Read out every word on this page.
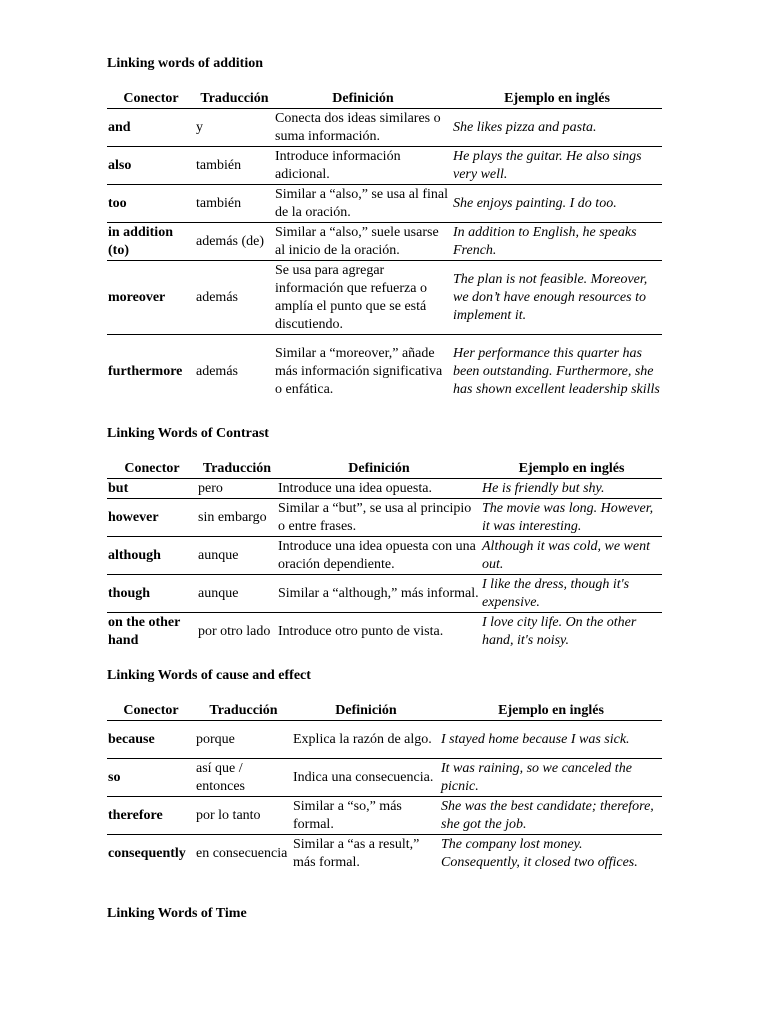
Linking words of addition
Conector	Traducción	Definición	Ejemplo en inglés
and	y	Conecta dos ideas similares o suma información.	She likes pizza and pasta.
also	también	Introduce información adicional.	He plays the guitar. He also sings very well.
too	también	Similar a “also,” se usa al final de la oración.	She enjoys painting. I do too.
in addition (to)	además (de)	Similar a “also,” suele usarse al inicio de la oración.	In addition to English, he speaks French.
moreover	además	Se usa para agregar información que refuerza o amplía el punto que se está discutiendo.	The plan is not feasible. Moreover, we don’t have enough resources to implement it.
furthermore	además	Similar a “moreover,” añade más información significativa o enfática.	Her performance this quarter has been outstanding. Furthermore, she has shown excellent leadership skills
Linking Words of Contrast
Conector	Traducción	Definición	Ejemplo en inglés
but	pero	Introduce una idea opuesta.	He is friendly but shy.
however	sin embargo	Similar a “but”, se usa al principio o entre frases.	The movie was long. However, it was interesting.
although	aunque	Introduce una idea opuesta con una oración dependiente.	Although it was cold, we went out.
though	aunque	Similar a “although,” más informal.	I like the dress, though it's expensive.
on the other hand	por otro lado	Introduce otro punto de vista.	I love city life. On the other hand, it's noisy.
Linking Words of cause and effect
Conector	Traducción	Definición	Ejemplo en inglés
because	porque	Explica la razón de algo.	I stayed home because I was sick.
so	así que / entonces	Indica una consecuencia.	It was raining, so we canceled the picnic.
therefore	por lo tanto	Similar a “so,” más formal.	She was the best candidate; therefore, she got the job.
consequently	en consecuencia	Similar a “as a result,” más formal.	The company lost money. Consequently, it closed two offices.
Linking Words of Time
